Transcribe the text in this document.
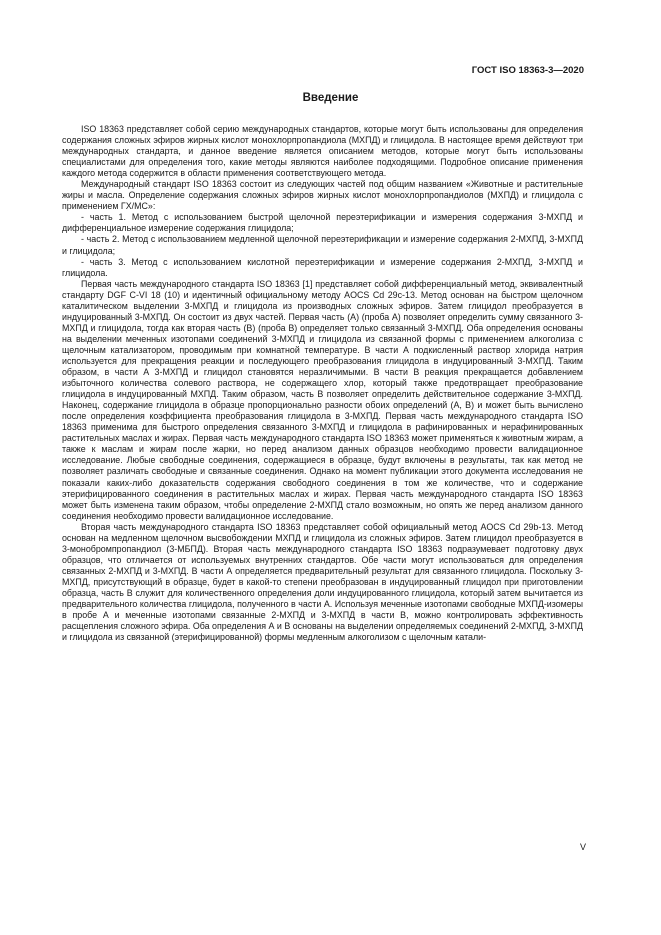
ГОСТ ISO 18363-3—2020
Введение

ISO 18363 представляет собой серию международных стандартов, которые могут быть использованы для определения содержания сложных эфиров жирных кислот монохлорпропандиола (МХПД) и глицидола. В настоящее время действуют три международных стандарта, и данное введение является описанием методов, которые могут быть использованы специалистами для определения того, какие методы являются наиболее подходящими. Подробное описание применения каждого метода содержится в области применения соответствующего метода.

Международный стандарт ISO 18363 состоит из следующих частей под общим названием «Животные и растительные жиры и масла. Определение содержания сложных эфиров жирных кислот монохлорпропандиолов (МХПД) и глицидола с применением ГХ/МС»:

- часть 1. Метод с использованием быстрой щелочной переэтерификации и измерения содержания 3-МХПД и дифференциальное измерение содержания глицидола;

- часть 2. Метод с использованием медленной щелочной переэтерификации и измерение содержания 2-МХПД, 3-МХПД и глицидола;

- часть 3. Метод с использованием кислотной переэтерификации и измерение содержания 2-МХПД, 3-МХПД и глицидола.

Первая часть международного стандарта ISO 18363 [1] представляет собой дифференциальный метод, эквивалентный стандарту DGF C-VI 18 (10) и идентичный официальному методу AOCS Cd 29c-13. Метод основан на быстром щелочном каталитическом выделении 3-МХПД и глицидола из производных сложных эфиров. Затем глицидол преобразуется в индуцированный 3-МХПД. Он состоит из двух частей. Первая часть (А) (проба А) позволяет определить сумму связанного 3-МХПД и глицидола, тогда как вторая часть (В) (проба В) определяет только связанный 3-МХПД. Оба определения основаны на выделении меченных изотопами соединений 3-МХПД и глицидола из связанной формы с применением алкоголиза с щелочным катализатором, проводимым при комнатной температуре. В части А подкисленный раствор хлорида натрия используется для прекращения реакции и последующего преобразования глицидола в индуцированный 3-МХПД. Таким образом, в части А 3-МХПД и глицидол становятся неразличимыми. В части В реакция прекращается добавлением избыточного количества солевого раствора, не содержащего хлор, который также предотвращает преобразование глицидола в индуцированный МХПД. Таким образом, часть В позволяет определить действительное содержание 3-МХПД. Наконец, содержание глицидола в образце пропорционально разности обоих определений (А, В) и может быть вычислено после определения коэффициента преобразования глицидола в 3-МХПД. Первая часть международного стандарта ISO 18363 применима для быстрого определения связанного 3-МХПД и глицидола в рафинированных и нерафинированных растительных маслах и жирах. Первая часть международного стандарта ISO 18363 может применяться к животным жирам, а также к маслам и жирам после жарки, но перед анализом данных образцов необходимо провести валидационное исследование. Любые свободные соединения, содержащиеся в образце, будут включены в результаты, так как метод не позволяет различать свободные и связанные соединения. Однако на момент публикации этого документа исследования не показали каких-либо доказательств содержания свободного соединения в том же количестве, что и содержание этерифицированного соединения в растительных маслах и жирах. Первая часть международного стандарта ISO 18363 может быть изменена таким образом, чтобы определение 2-МХПД стало возможным, но опять же перед анализом данного соединения необходимо провести валидационное исследование.

Вторая часть международного стандарта ISO 18363 представляет собой официальный метод AOCS Cd 29b-13. Метод основан на медленном щелочном высвобождении МХПД и глицидола из сложных эфиров. Затем глицидол преобразуется в 3-монобромпропандиол (3-МБПД). Вторая часть международного стандарта ISO 18363 подразумевает подготовку двух образцов, что отличается от используемых внутренних стандартов. Обе части могут использоваться для определения связанных 2-МХПД и 3-МХПД. В части А определяется предварительный результат для связанного глицидола. Поскольку 3-МХПД, присутствующий в образце, будет в какой-то степени преобразован в индуцированный глицидол при приготовлении образца, часть В служит для количественного определения доли индуцированного глицидола, который затем вычитается из предварительного количества глицидола, полученного в части А. Используя меченные изотопами свободные МХПД-изомеры в пробе А и меченные изотопами связанные 2-МХПД и 3-МХПД в части В, можно контролировать эффективность расщепления сложного эфира. Оба определения А и В основаны на выделении определяемых соединений 2-МХПД, 3-МХПД и глицидола из связанной (этерифицированной) формы медленным алкоголизом с щелочным катали-

V
